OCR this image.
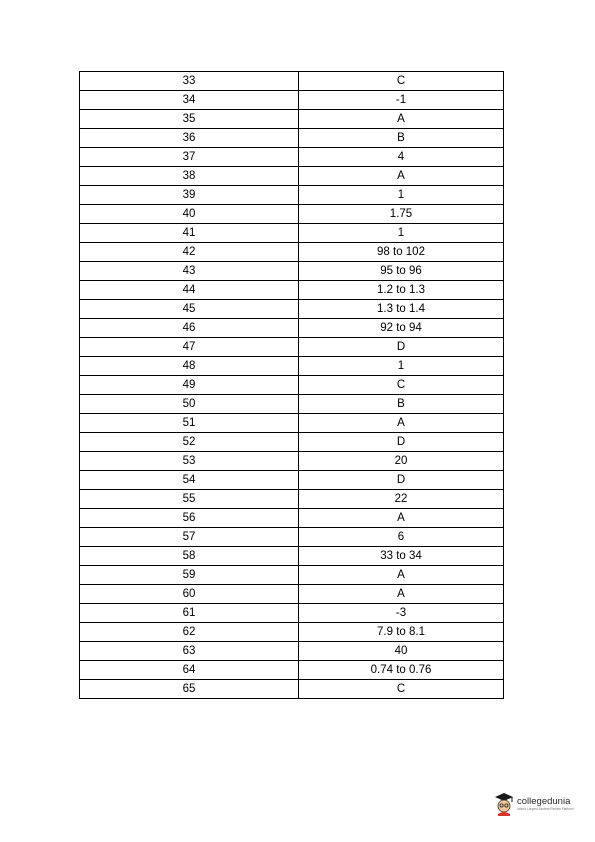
33	C
34	-1
35	A
36	B
37	4
38	A
39	1
40	1.75
41	1
42	98 to 102
43	95 to 96
44	1.2 to 1.3
45	1.3 to 1.4
46	92 to 94
47	D
48	1
49	C
50	B
51	A
52	D
53	20
54	D
55	22
56	A
57	6
58	33 to 34
59	A
60	A
61	-3
62	7.9 to 8.1
63	40
64	0.74 to 0.76
65	C
collegedunia
India's Largest Student Review Platform
